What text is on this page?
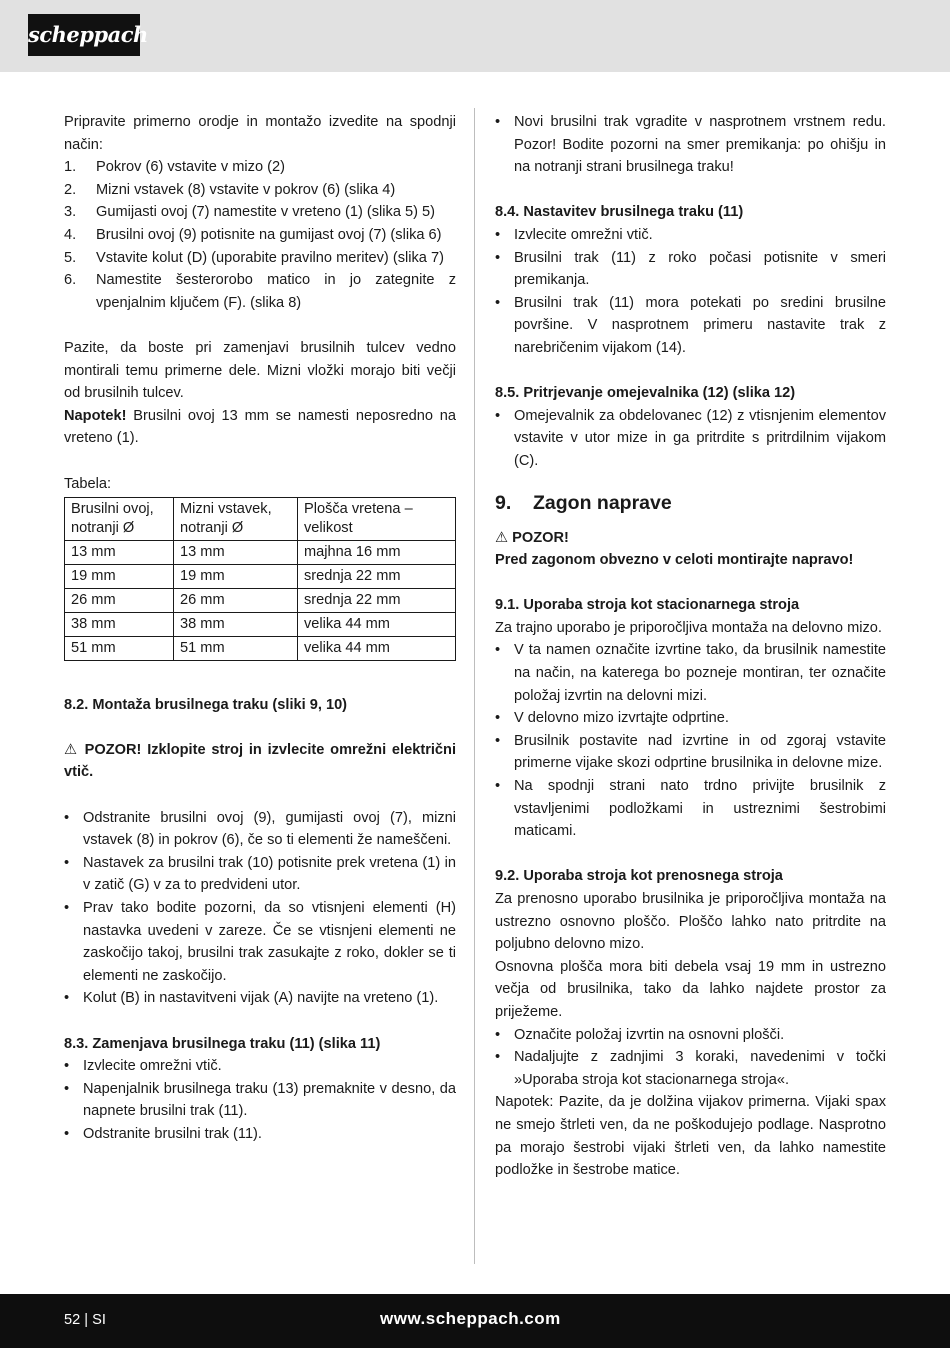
scheppach

Pripravite primerno orodje in montažo izvedite na spodnji način:

1. Pokrov (6) vstavite v mizo (2)
2. Mizni vstavek (8) vstavite v pokrov (6) (slika 4)
3. Gumijasti ovoj (7) namestite v vreteno (1) (slika 5) 5)
4. Brusilni ovoj (9) potisnite na gumijast ovoj (7) (slika 6)
5. Vstavite kolut (D) (uporabite pravilno meritev) (slika 7)
6. Namestite šesterorobo matico in jo zategnite z vpenjalnim ključem (F). (slika 8)

Pazite, da boste pri zamenjavi brusilnih tulcev vedno montirali temu primerne dele. Mizni vložki morajo biti večji od brusilnih tulcev.

Napotek! Brusilni ovoj 13 mm se namesti neposredno na vreteno (1).

Tabela:

Brusilni ovoj, notranji Ø	Mizni vstavek, notranji Ø	Plošča vretena – velikost
13 mm	13 mm	majhna 16 mm
19 mm	19 mm	srednja 22 mm
26 mm	26 mm	srednja 22 mm
38 mm	38 mm	velika 44 mm
51 mm	51 mm	velika 44 mm

8.2. Montaža brusilnega traku (sliki 9, 10)

⚠ POZOR! Izklopite stroj in izvlecite omrežni električni vtič.

• Odstranite brusilni ovoj (9), gumijasti ovoj (7), mizni vstavek (8) in pokrov (6), če so ti elementi že nameščeni.
• Nastavek za brusilni trak (10) potisnite prek vretena (1) in v zatič (G) v za to predvideni utor.
• Prav tako bodite pozorni, da so vtisnjeni elementi (H) nastavka uvedeni v zareze. Če se vtisnjeni elementi ne zaskočijo takoj, brusilni trak zasukajte z roko, dokler se ti elementi ne zaskočijo.
• Kolut (B) in nastavitveni vijak (A) navijte na vreteno (1).

8.3. Zamenjava brusilnega traku (11) (slika 11)

• Izvlecite omrežni vtič.
• Napenjalnik brusilnega traku (13) premaknite v desno, da napnete brusilni trak (11).
• Odstranite brusilni trak (11).
• Novi brusilni trak vgradite v nasprotnem vrstnem redu. Pozor! Bodite pozorni na smer premikanja: po ohišju in na notranji strani brusilnega traku!

8.4. Nastavitev brusilnega traku (11)

• Izvlecite omrežni vtič.
• Brusilni trak (11) z roko počasi potisnite v smeri premikanja.
• Brusilni trak (11) mora potekati po sredini brusilne površine. V nasprotnem primeru nastavite trak z narebričenim vijakom (14).

8.5. Pritrjevanje omejevalnika (12) (slika 12)

• Omejevalnik za obdelovanec (12) z vtisnjenim elementov vstavite v utor mize in ga pritrdite s pritrdilnim vijakom (C).
9. Zagon naprave

⚠ POZOR!

Pred zagonom obvezno v celoti montirajte napravo!

9.1. Uporaba stroja kot stacionarnega stroja

Za trajno uporabo je priporočljiva montaža na delovno mizo.

• V ta namen označite izvrtine tako, da brusilnik namestite na način, na katerega bo pozneje montiran, ter označite položaj izvrtin na delovni mizi.
• V delovno mizo izvrtajte odprtine.
• Brusilnik postavite nad izvrtine in od zgoraj vstavite primerne vijake skozi odprtine brusilnika in delovne mize.
• Na spodnji strani nato trdno privijte brusilnik z vstavljenimi podložkami in ustreznimi šestrobimi maticami.

9.2. Uporaba stroja kot prenosnega stroja

Za prenosno uporabo brusilnika je priporočljiva montaža na ustrezno osnovno ploščo. Ploščo lahko nato pritrdite na poljubno delovno mizo.

Osnovna plošča mora biti debela vsaj 19 mm in ustrezno večja od brusilnika, tako da lahko najdete prostor za priježeme.

• Označite položaj izvrtin na osnovni plošči.
• Nadaljujte z zadnjimi 3 koraki, navedenimi v točki »Uporaba stroja kot stacionarnega stroja«.

Napotek: Pazite, da je dolžina vijakov primerna. Vijaki spax ne smejo štrleti ven, da ne poškodujejo podlage. Nasprotno pa morajo šestrobi vijaki štrleti ven, da lahko namestite podložke in šestrobe matice.

52 | SI	www.scheppach.com
